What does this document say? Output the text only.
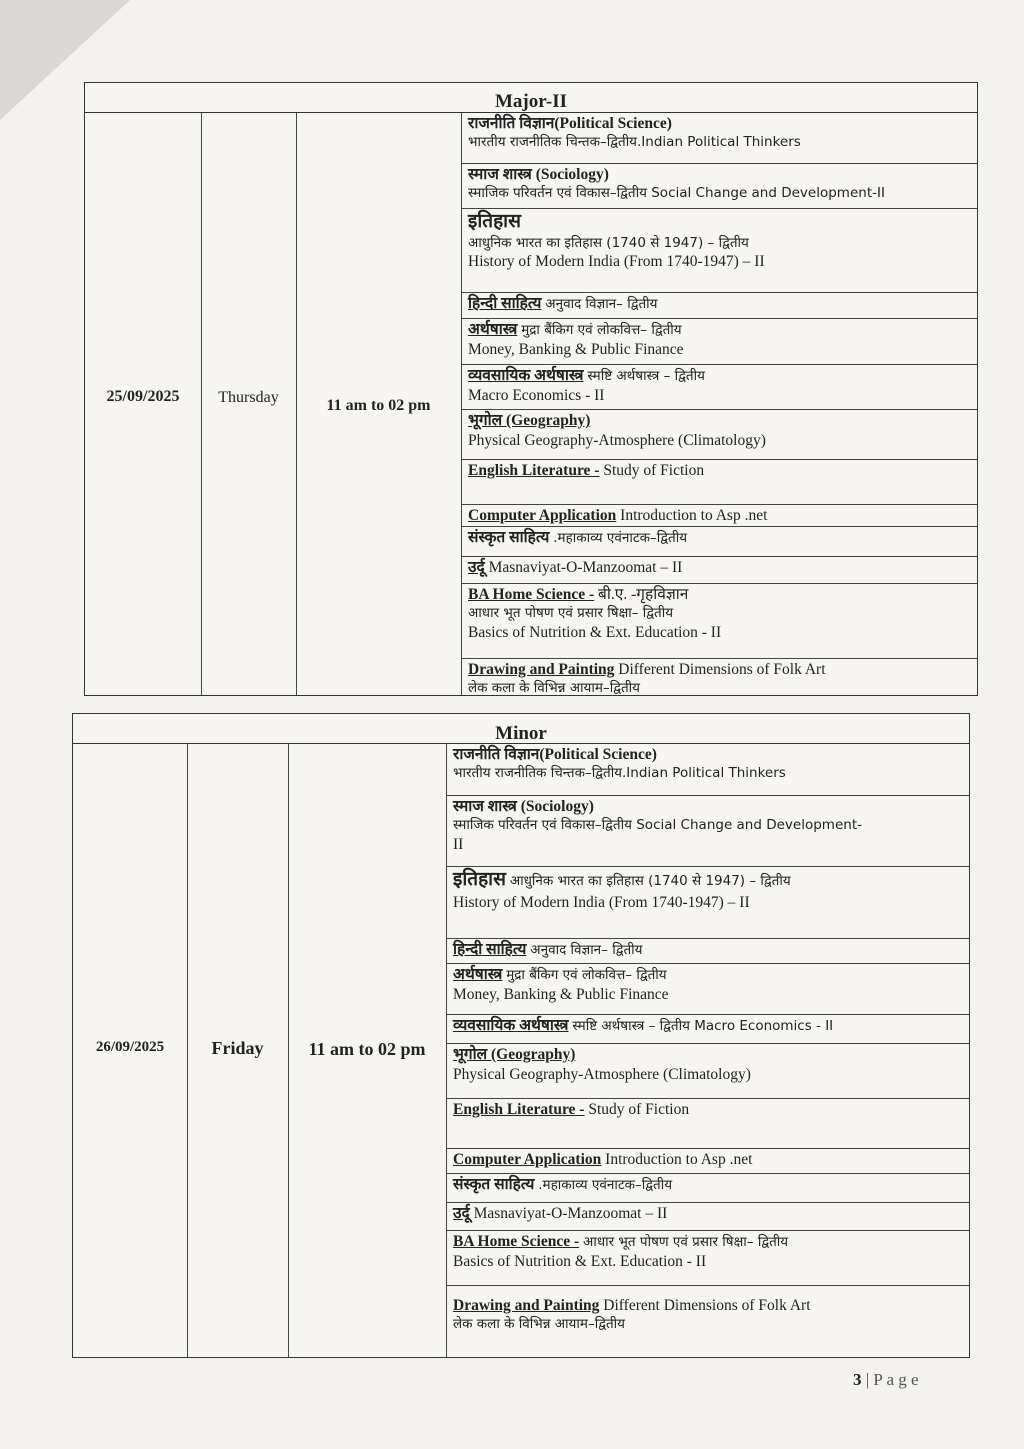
Major-II
25/09/2025	Thursday	11 am to 02 pm
राजनीति विज्ञान(Political Science)
भारतीय राजनीतिक चिन्तक–द्वितीय.Indian Political Thinkers
स्माज शास्त्र (Sociology)
स्माजिक परिवर्तन एवं विकास–द्वितीय Social Change and Development-II
इतिहास
आधुनिक भारत का इतिहास (1740 से 1947) – द्वितीय
History of Modern India (From 1740-1947) – II
हिन्दी साहित्य अनुवाद विज्ञान– द्वितीय
अर्थषास्त्र मुद्रा बैंकिग एवं लोकवित्त– द्वितीय
Money, Banking & Public Finance
व्यवसायिक अर्थषास्त्र स्मष्टि अर्थषास्त्र – द्वितीय
Macro Economics - II
भूगोल (Geography)
Physical Geography-Atmosphere (Climatology)
English Literature - Study of Fiction
Computer Application Introduction to Asp .net
संस्कृत साहित्य .महाकाव्य एवंनाटक–द्वितीय
उर्दू Masnaviyat-O-Manzoomat – II
BA Home Science - बी.ए. -गृहविज्ञान
आधार भूत पोषण एवं प्रसार षिक्षा– द्वितीय
Basics of Nutrition & Ext. Education - II
Drawing and Painting Different Dimensions of Folk Art
लेक कला के विभिन्न आयाम–द्वितीय
Minor
26/09/2025	Friday	11 am to 02 pm
राजनीति विज्ञान(Political Science)
भारतीय राजनीतिक चिन्तक–द्वितीय.Indian Political Thinkers
स्माज शास्त्र (Sociology)
स्माजिक परिवर्तन एवं विकास–द्वितीय Social Change and Development-
II
इतिहास आधुनिक भारत का इतिहास (1740 से 1947) – द्वितीय
History of Modern India (From 1740-1947) – II
हिन्दी साहित्य अनुवाद विज्ञान– द्वितीय
अर्थषास्त्र मुद्रा बैंकिग एवं लोकवित्त– द्वितीय
Money, Banking & Public Finance
व्यवसायिक अर्थषास्त्र स्मष्टि अर्थषास्त्र – द्वितीय Macro Economics - II
भूगोल (Geography)
Physical Geography-Atmosphere (Climatology)
English Literature - Study of Fiction
Computer Application Introduction to Asp .net
संस्कृत साहित्य .महाकाव्य एवंनाटक–द्वितीय
उर्दू Masnaviyat-O-Manzoomat – II
BA Home Science - आधार भूत पोषण एवं प्रसार षिक्षा– द्वितीय
Basics of Nutrition & Ext. Education - II
Drawing and Painting Different Dimensions of Folk Art
लेक कला के विभिन्न आयाम–द्वितीय
3 | P a g e
